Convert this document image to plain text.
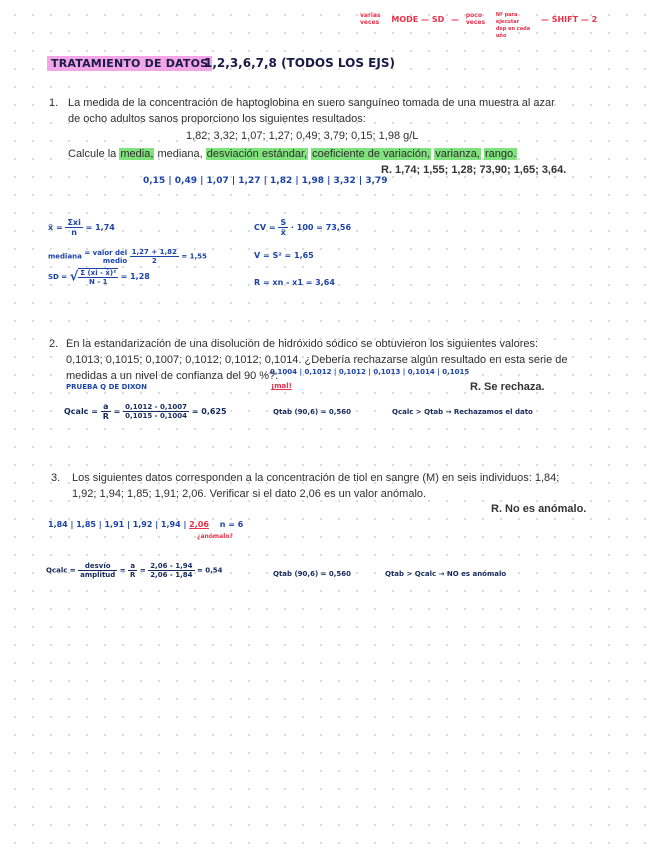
varias
veces MODE — SD — poco
veces Nº para
ejecutar
dep en cada
uno — SHIFT — 2
TRATAMIENTO DE DATOS
1,2,3,6,7,8 (TODOS LOS EJS)
1. La medida de la concentración de haptoglobina en suero sanguíneo tomada de una muestra al azar
de ocho adultos sanos proporciono los siguientes resultados:
1,82; 3,32; 1,07; 1,27; 0,49; 3,79; 0,15; 1,98 g/L
Calcule la media, mediana, desviación estándar, coeficiente de variación, varianza, rango.
R. 1,74; 1,55; 1,28; 73,90; 1,65; 3,64.
0,15 | 0,49 | 1,07 | 1,27 | 1,82 | 1,98 | 3,32 | 3,79
x̄ = $\frac{\text{Σxi}}{n} = 1,74$
mediana = valor del
medio
$\frac{1,27 + 1,82}{2} = 1,55$
SD = √ $\frac{\text{Σ (xi - x̄)²}}{N - 1} = 1,28$
CV = $\frac{S}{x̄} \cdot 100 = 73,56$
V = S² = 1,65
R = xn - x1 = 3,64
2. En la estandarización de una disolución de hidróxido sódico se obtuvieron los siguientes valores:
0,1013; 0,1015; 0,1007; 0,1012; 0,1012; 0,1014. ¿Debería rechazarse algún resultado en esta serie de
medidas a un nivel de confianza del 90 %?.
0,1004 | 0,1012 | 0,1012 | 0,1013 | 0,1014 | 0,1015
¡mal!
PRUEBA Q DE DIXON	R. Se rechaza.
Qcalc = $\frac{a}{R} = \frac{0,1012 - 0,1007}{0,1015 - 0,1004} = 0,625$	Qtab (90,6) = 0,560	Qcalc > Qtab → Rechazamos el dato
3. Los siguientes datos corresponden a la concentración de tiol en sangre (M) en seis individuos: 1,84;
1,92; 1,94; 1,85; 1,91; 2,06. Verificar si el dato 2,06 es un valor anómalo.
R. No es anómalo.
1,84 | 1,85 | 1,91 | 1,92 | 1,94 | 2,06 n = 6
¿anómalo?
Qcalc = $\frac{\text{desvío}}{\text{amplitud}} = \frac{a}{R} = \frac{2,06 - 1,94}{2,06 - 1,84} = 0,54$	Qtab (90,6) = 0,560	Qtab > Qcalc → NO es anómalo
